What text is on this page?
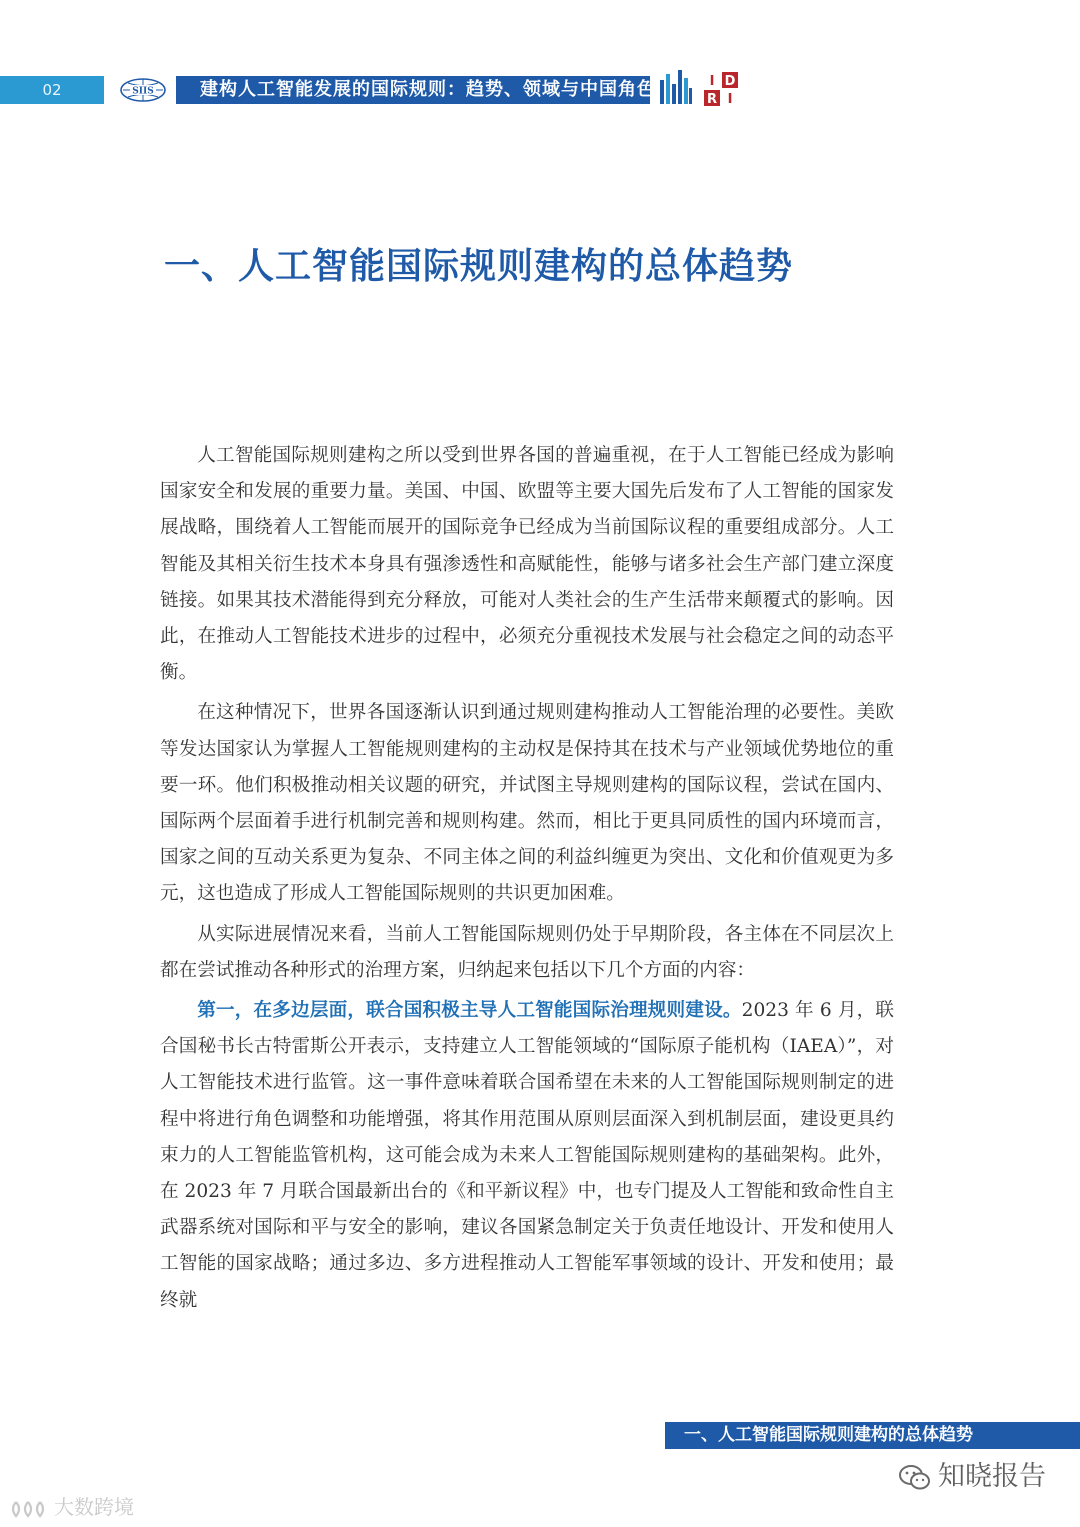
02	SIIS	建构人工智能发展的国际规则：趋势、领域与中国角色	I D
R I
一、人工智能国际规则建构的总体趋势

人工智能国际规则建构之所以受到世界各国的普遍重视，在于人工智能已经成为影响国家安全和发展的重要力量。美国、中国、欧盟等主要大国先后发布了人工智能的国家发展战略，围绕着人工智能而展开的国际竞争已经成为当前国际议程的重要组成部分。人工智能及其相关衍生技术本身具有强渗透性和高赋能性，能够与诸多社会生产部门建立深度链接。如果其技术潜能得到充分释放，可能对人类社会的生产生活带来颠覆式的影响。因此，在推动人工智能技术进步的过程中，必须充分重视技术发展与社会稳定之间的动态平衡。

在这种情况下，世界各国逐渐认识到通过规则建构推动人工智能治理的必要性。美欧等发达国家认为掌握人工智能规则建构的主动权是保持其在技术与产业领域优势地位的重要一环。他们积极推动相关议题的研究，并试图主导规则建构的国际议程，尝试在国内、国际两个层面着手进行机制完善和规则构建。然而，相比于更具同质性的国内环境而言，国家之间的互动关系更为复杂、不同主体之间的利益纠缠更为突出、文化和价值观更为多元，这也造成了形成人工智能国际规则的共识更加困难。

从实际进展情况来看，当前人工智能国际规则仍处于早期阶段，各主体在不同层次上都在尝试推动各种形式的治理方案，归纳起来包括以下几个方面的内容：

第一，在多边层面，联合国积极主导人工智能国际治理规则建设。2023 年 6 月，联合国秘书长古特雷斯公开表示，支持建立人工智能领域的“国际原子能机构（IAEA）”，对人工智能技术进行监管。这一事件意味着联合国希望在未来的人工智能国际规则制定的进程中将进行角色调整和功能增强，将其作用范围从原则层面深入到机制层面，建设更具约束力的人工智能监管机构，这可能会成为未来人工智能国际规则建构的基础架构。此外，在 2023 年 7 月联合国最新出台的《和平新议程》中，也专门提及人工智能和致命性自主武器系统对国际和平与安全的影响，建议各国紧急制定关于负责任地设计、开发和使用人工智能的国家战略；通过多边、多方进程推动人工智能军事领域的设计、开发和使用；最终就

一、人工智能国际规则建构的总体趋势
大数跨境
知晓报告
